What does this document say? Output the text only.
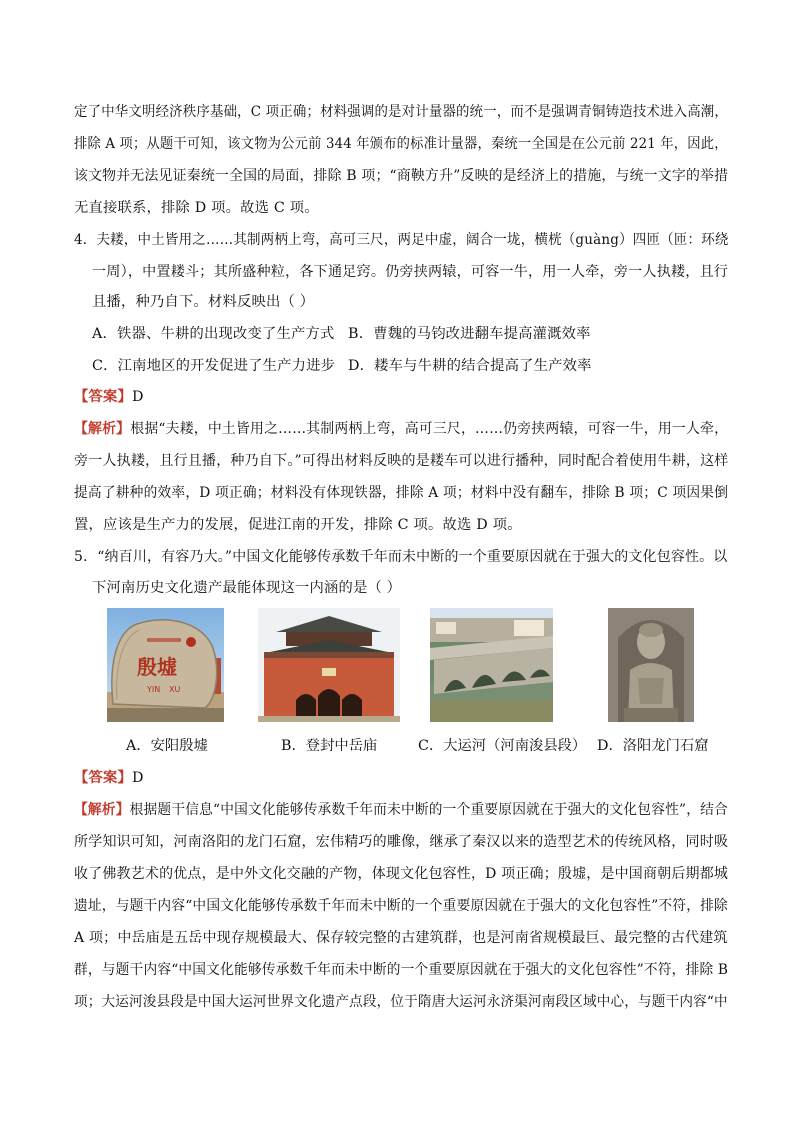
定了中华文明经济秩序基础，C 项正确；材料强调的是对计量器的统一，而不是强调青铜铸造技术进入高潮，
排除 A 项；从题干可知，该文物为公元前 344 年颁布的标准计量器，秦统一全国是在公元前 221 年，因此，
该文物并无法见证秦统一全国的局面，排除 B 项；“商鞅方升”反映的是经济上的措施，与统一文字的举措
无直接联系，排除 D 项。故选 C 项。
4．夫耧，中土皆用之……其制两柄上弯，高可三尺，两足中虚，阔合一垅，横桄（guàng）四匝（匝：环绕
一周），中置耧斗；其所盛种粒，各下通足窍。仍旁挟两辕，可容一牛，用一人牵，旁一人执耧，且行
且播，种乃自下。材料反映出（ ）
A．铁器、牛耕的出现改变了生产方式 B．曹魏的马钧改进翻车提高灌溉效率
C．江南地区的开发促进了生产力进步 D．耧车与牛耕的结合提高了生产效率
【答案】D
【解析】根据“夫耧，中土皆用之……其制两柄上弯，高可三尺，……仍旁挟两辕，可容一牛，用一人牵，
旁一人执耧，且行且播，种乃自下。”可得出材料反映的是耧车可以进行播种，同时配合着使用牛耕，这样
提高了耕种的效率，D 项正确；材料没有体现铁器，排除 A 项；材料中没有翻车，排除 B 项；C 项因果倒
置，应该是生产力的发展，促进江南的开发，排除 C 项。故选 D 项。
5．“纳百川，有容乃大。”中国文化能够传承数千年而未中断的一个重要原因就在于强大的文化包容性。以
下河南历史文化遗产最能体现这一内涵的是（ ）
殷墟
YIN XU
A．安阳殷墟	B．登封中岳庙	C．大运河（河南浚县段） D．洛阳龙门石窟
【答案】D
【解析】根据题干信息“中国文化能够传承数千年而未中断的一个重要原因就在于强大的文化包容性”，结合
所学知识可知，河南洛阳的龙门石窟，宏伟精巧的雕像，继承了秦汉以来的造型艺术的传统风格，同时吸
收了佛教艺术的优点，是中外文化交融的产物，体现文化包容性，D 项正确；殷墟，是中国商朝后期都城
遗址，与题干内容“中国文化能够传承数千年而未中断的一个重要原因就在于强大的文化包容性”不符，排除
A 项；中岳庙是五岳中现存规模最大、保存较完整的古建筑群，也是河南省规模最巨、最完整的古代建筑
群，与题干内容“中国文化能够传承数千年而未中断的一个重要原因就在于强大的文化包容性”不符，排除 B
项；大运河浚县段是中国大运河世界文化遗产点段，位于隋唐大运河永济渠河南段区域中心，与题干内容“中
